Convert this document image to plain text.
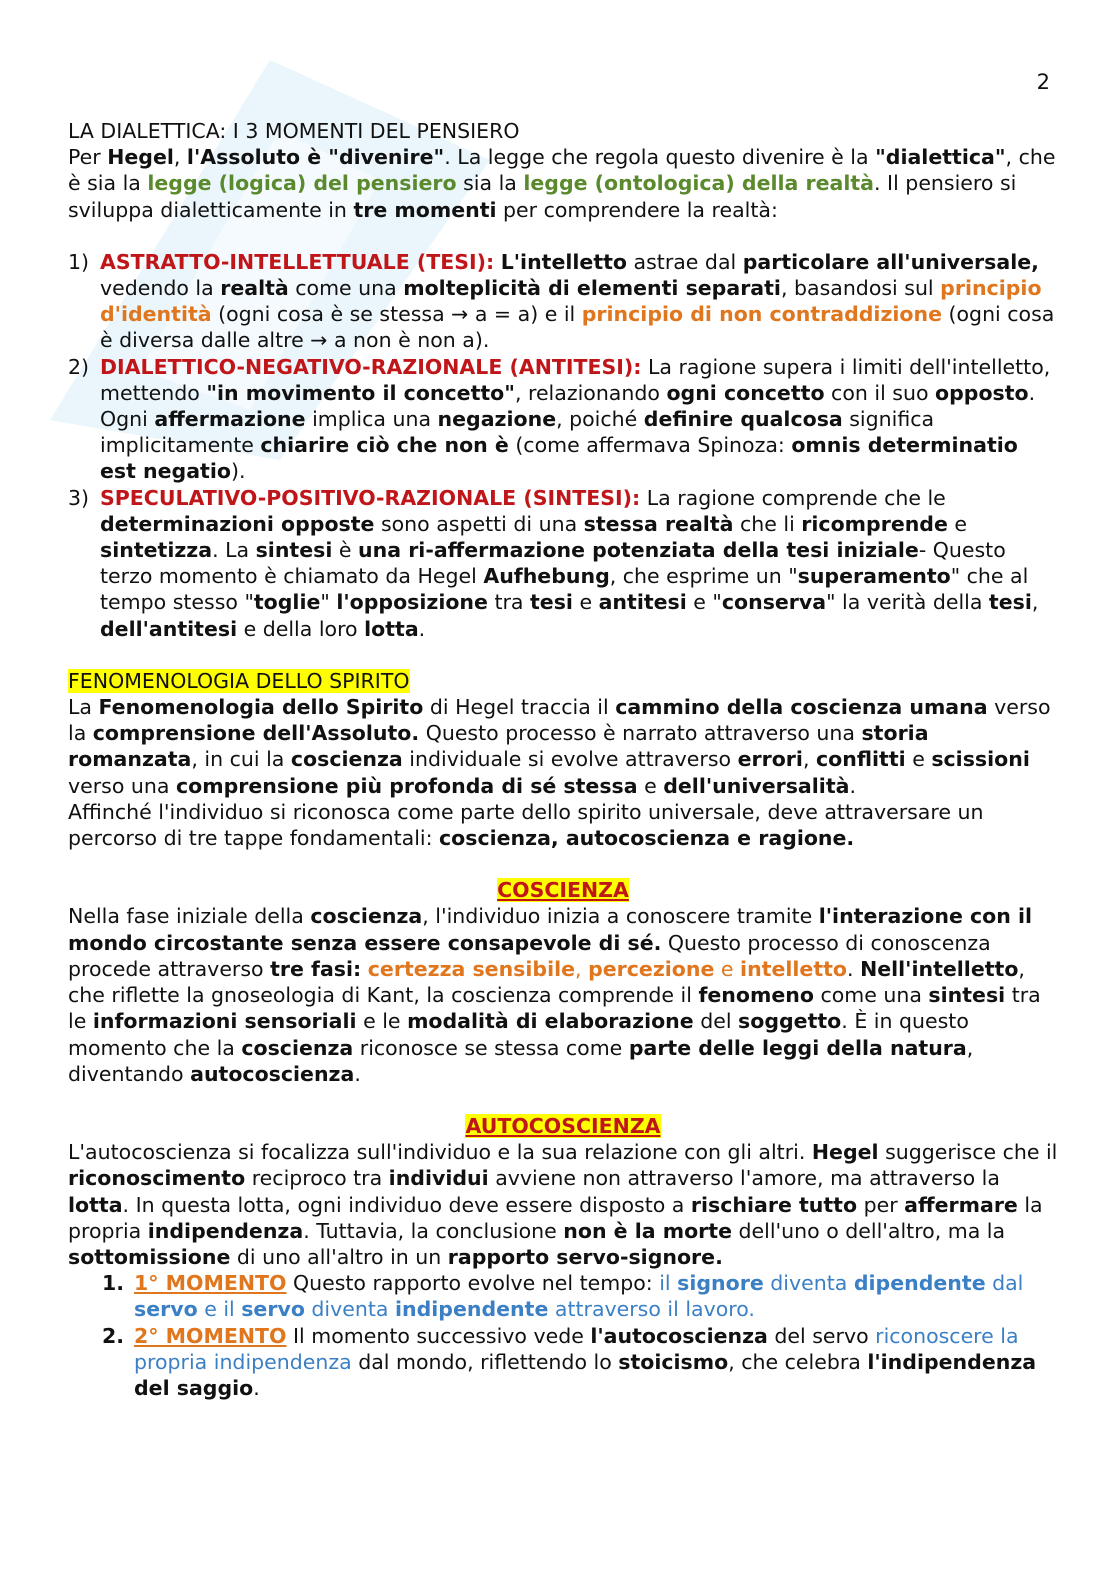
2

LA DIALETTICA: I 3 MOMENTI DEL PENSIERO

Per Hegel, l'Assoluto è "divenire". La legge che regola questo divenire è la "dialettica", che è sia la legge (logica) del pensiero sia la legge (ontologica) della realtà. Il pensiero si sviluppa dialetticamente in tre momenti per comprendere la realtà:

1) ASTRATTO-INTELLETTUALE (TESI): L'intelletto astrae dal particolare all'universale, vedendo la realtà come una molteplicità di elementi separati, basandosi sul principio d'identità (ogni cosa è se stessa → a = a) e il principio di non contraddizione (ogni cosa è diversa dalle altre → a non è non a).
2) DIALETTICO-NEGATIVO-RAZIONALE (ANTITESI): La ragione supera i limiti dell'intelletto, mettendo "in movimento il concetto", relazionando ogni concetto con il suo opposto. Ogni affermazione implica una negazione, poiché definire qualcosa significa implicitamente chiarire ciò che non è (come affermava Spinoza: omnis determinatio est negatio).
3) SPECULATIVO-POSITIVO-RAZIONALE (SINTESI): La ragione comprende che le determinazioni opposte sono aspetti di una stessa realtà che li ricomprende e sintetizza. La sintesi è una ri-affermazione potenziata della tesi iniziale- Questo terzo momento è chiamato da Hegel Aufhebung, che esprime un "superamento" che al tempo stesso "toglie" l'opposizione tra tesi e antitesi e "conserva" la verità della tesi, dell'antitesi e della loro lotta.

FENOMENOLOGIA DELLO SPIRITO

La Fenomenologia dello Spirito di Hegel traccia il cammino della coscienza umana verso la comprensione dell'Assoluto. Questo processo è narrato attraverso una storia romanzata, in cui la coscienza individuale si evolve attraverso errori, conflitti e scissioni verso una comprensione più profonda di sé stessa e dell'universalità.

Affinché l'individuo si riconosca come parte dello spirito universale, deve attraversare un percorso di tre tappe fondamentali: coscienza, autocoscienza e ragione.

COSCIENZA

Nella fase iniziale della coscienza, l'individuo inizia a conoscere tramite l'interazione con il mondo circostante senza essere consapevole di sé. Questo processo di conoscenza procede attraverso tre fasi: certezza sensibile, percezione e intelletto. Nell'intelletto, che riflette la gnoseologia di Kant, la coscienza comprende il fenomeno come una sintesi tra le informazioni sensoriali e le modalità di elaborazione del soggetto. È in questo momento che la coscienza riconosce se stessa come parte delle leggi della natura, diventando autocoscienza.

AUTOCOSCIENZA

L'autocoscienza si focalizza sull'individuo e la sua relazione con gli altri. Hegel suggerisce che il riconoscimento reciproco tra individui avviene non attraverso l'amore, ma attraverso la lotta. In questa lotta, ogni individuo deve essere disposto a rischiare tutto per affermare la propria indipendenza. Tuttavia, la conclusione non è la morte dell'uno o dell'altro, ma la sottomissione di uno all'altro in un rapporto servo-signore.

1. 1° MOMENTO Questo rapporto evolve nel tempo: il signore diventa dipendente dal servo e il servo diventa indipendente attraverso il lavoro.
2. 2° MOMENTO Il momento successivo vede l'autocoscienza del servo riconoscere la propria indipendenza dal mondo, riflettendo lo stoicismo, che celebra l'indipendenza del saggio.
